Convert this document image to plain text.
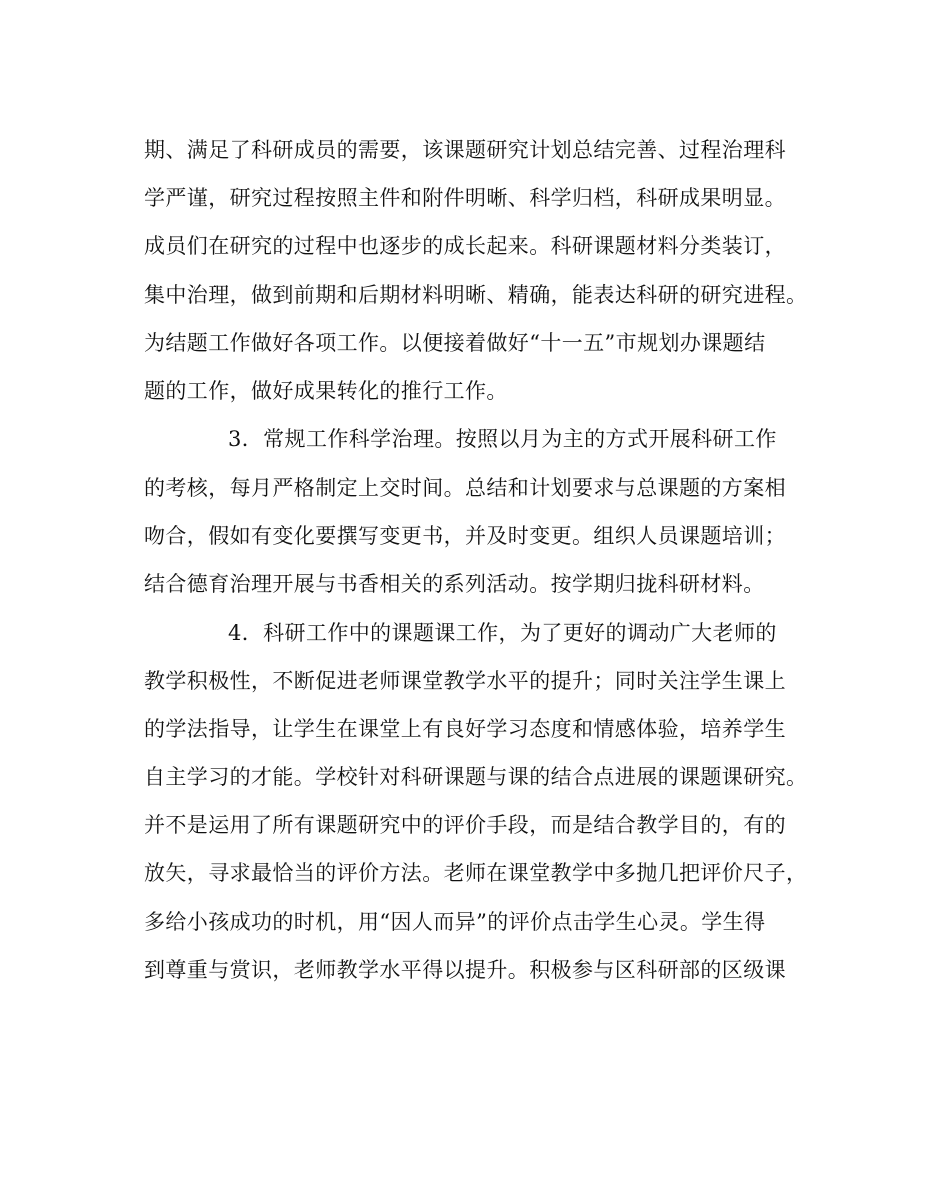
期、满足了科研成员的需要，该课题研究计划总结完善、过程治理科
学严谨，研究过程按照主件和附件明晰、科学归档，科研成果明显。
成员们在研究的过程中也逐步的成长起来。科研课题材料分类装订，
集中治理，做到前期和后期材料明晰、精确，能表达科研的研究进程。
为结题工作做好各项工作。以便接着做好“十一五”市规划办课题结
题的工作，做好成果转化的推行工作。
3．常规工作科学治理。按照以月为主的方式开展科研工作
的考核，每月严格制定上交时间。总结和计划要求与总课题的方案相
吻合，假如有变化要撰写变更书，并及时变更。组织人员课题培训；
结合德育治理开展与书香相关的系列活动。按学期归拢科研材料。
4．科研工作中的课题课工作，为了更好的调动广大老师的
教学积极性，不断促进老师课堂教学水平的提升；同时关注学生课上
的学法指导，让学生在课堂上有良好学习态度和情感体验，培养学生
自主学习的才能。学校针对科研课题与课的结合点进展的课题课研究。
并不是运用了所有课题研究中的评价手段，而是结合教学目的，有的
放矢，寻求最恰当的评价方法。老师在课堂教学中多抛几把评价尺子，
多给小孩成功的时机，用“因人而异”的评价点击学生心灵。学生得
到尊重与赏识，老师教学水平得以提升。积极参与区科研部的区级课
